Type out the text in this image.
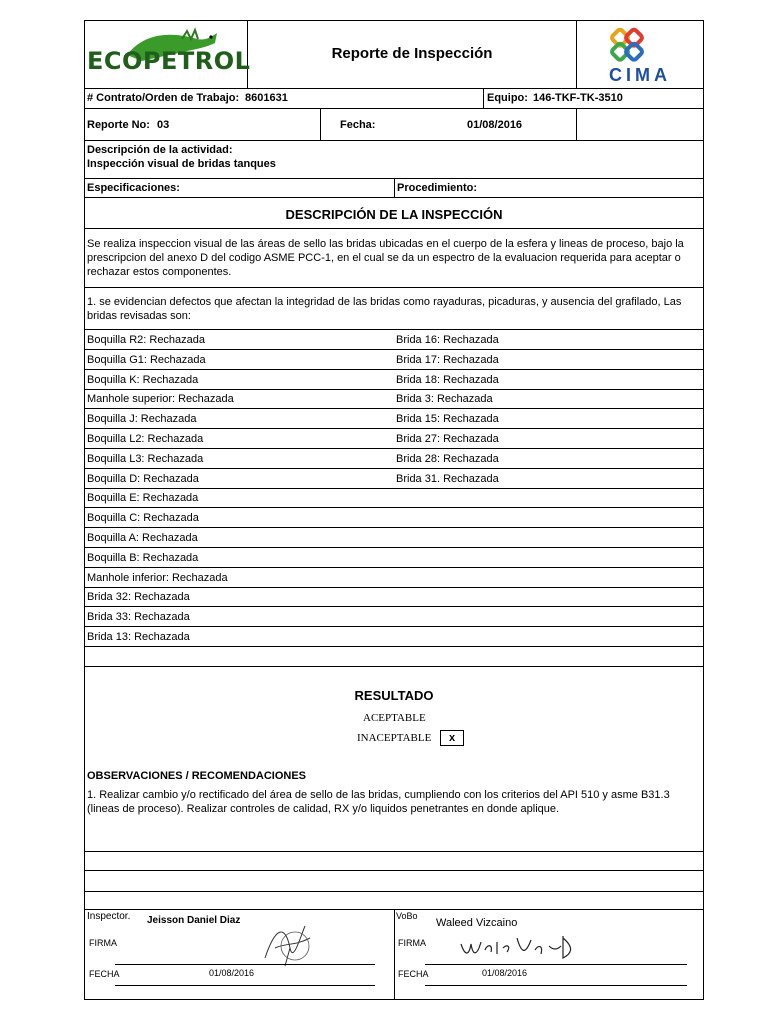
ECOPETROL	Reporte de Inspección
CIMA
# Contrato/Orden de Trabajo: 8601631	Equipo: 146-TKF-TK-3510
Reporte No: 03	Fecha:	01/08/2016
Descripción de la actividad:
Inspección visual de bridas tanques
Especificaciones:	Procedimiento:
DESCRIPCIÓN DE LA INSPECCIÓN
Se realiza inspeccion visual de las áreas de sello las bridas ubicadas en el cuerpo de la esfera y lineas de proceso, bajo la prescripcion del anexo D del codigo ASME PCC-1, en el cual se da un espectro de la evaluacion requerida para aceptar o rechazar estos componentes.
1. se evidencian defectos que afectan la integridad de las bridas como rayaduras, picaduras, y ausencia del grafilado, Las bridas revisadas son:
Boquilla R2: Rechazada	Brida 16: Rechazada
Boquilla G1: Rechazada	Brida 17: Rechazada
Boquilla K: Rechazada	Brida 18: Rechazada
Manhole superior: Rechazada	Brida 3: Rechazada
Boquilla J: Rechazada	Brida 15: Rechazada
Boquilla L2: Rechazada	Brida 27: Rechazada
Boquilla L3: Rechazada	Brida 28: Rechazada
Boquilla D: Rechazada	Brida 31. Rechazada
Boquilla E: Rechazada
Boquilla C: Rechazada
Boquilla A: Rechazada
Boquilla B: Rechazada
Manhole inferior: Rechazada
Brida 32: Rechazada
Brida 33: Rechazada
Brida 13: Rechazada
RESULTADO
ACEPTABLE
INACEPTABLE	x
OBSERVACIONES / RECOMENDACIONES
1. Realizar cambio y/o rectificado del área de sello de las bridas, cumpliendo con los criterios del API 510 y asme B31.3 (lineas de proceso). Realizar controles de calidad, RX y/o liquidos penetrantes en donde aplique.
Inspector. Jeisson Daniel Diaz
FIRMA
FECHA	01/08/2016
VoBo
Waleed Vizcaino
FIRMA
FECHA	01/08/2016
